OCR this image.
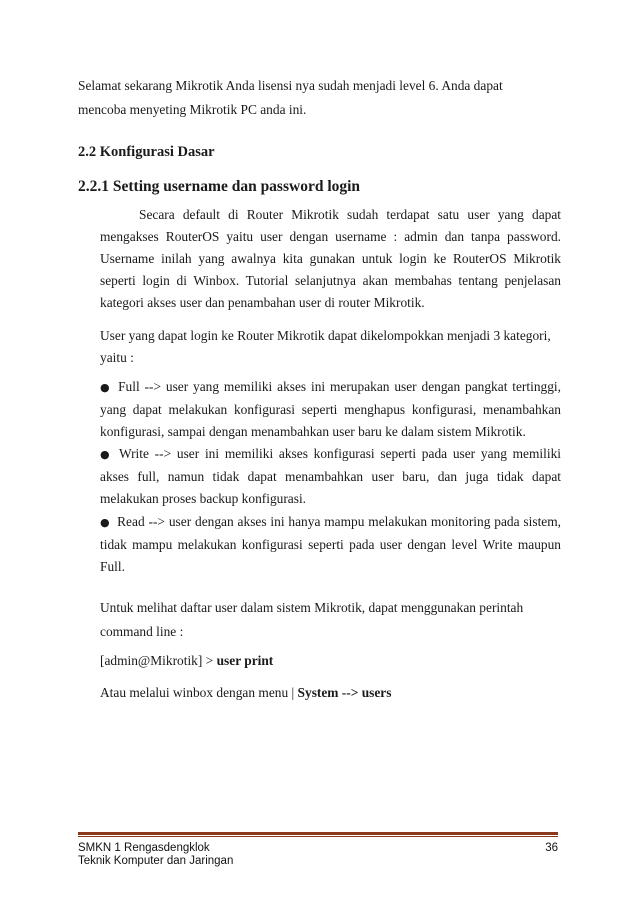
Selamat sekarang Mikrotik Anda lisensi nya sudah menjadi level 6. Anda dapat mencoba menyeting Mikrotik PC anda ini.
2.2 Konfigurasi Dasar
2.2.1 Setting username dan password login
Secara default di Router Mikrotik sudah terdapat satu user yang dapat mengakses RouterOS yaitu user dengan username : admin dan tanpa password. Username inilah yang awalnya kita gunakan untuk login ke RouterOS Mikrotik seperti login di Winbox. Tutorial selanjutnya akan membahas tentang penjelasan kategori akses user dan penambahan user di router Mikrotik.
User yang dapat login ke Router Mikrotik dapat dikelompokkan menjadi 3 kategori, yaitu :
● Full --> user yang memiliki akses ini merupakan user dengan pangkat tertinggi, yang dapat melakukan konfigurasi seperti menghapus konfigurasi, menambahkan konfigurasi, sampai dengan menambahkan user baru ke dalam sistem Mikrotik.
● Write --> user ini memiliki akses konfigurasi seperti pada user yang memiliki akses full, namun tidak dapat menambahkan user baru, dan juga tidak dapat melakukan proses backup konfigurasi.
● Read --> user dengan akses ini hanya mampu melakukan monitoring pada sistem, tidak mampu melakukan konfigurasi seperti pada user dengan level Write maupun Full.
Untuk melihat daftar user dalam sistem Mikrotik, dapat menggunakan perintah command line :
[admin@Mikrotik] > user print
Atau melalui winbox dengan menu | System --> users
SMKN 1 Rengasdengklok
Teknik Komputer dan Jaringan
36
